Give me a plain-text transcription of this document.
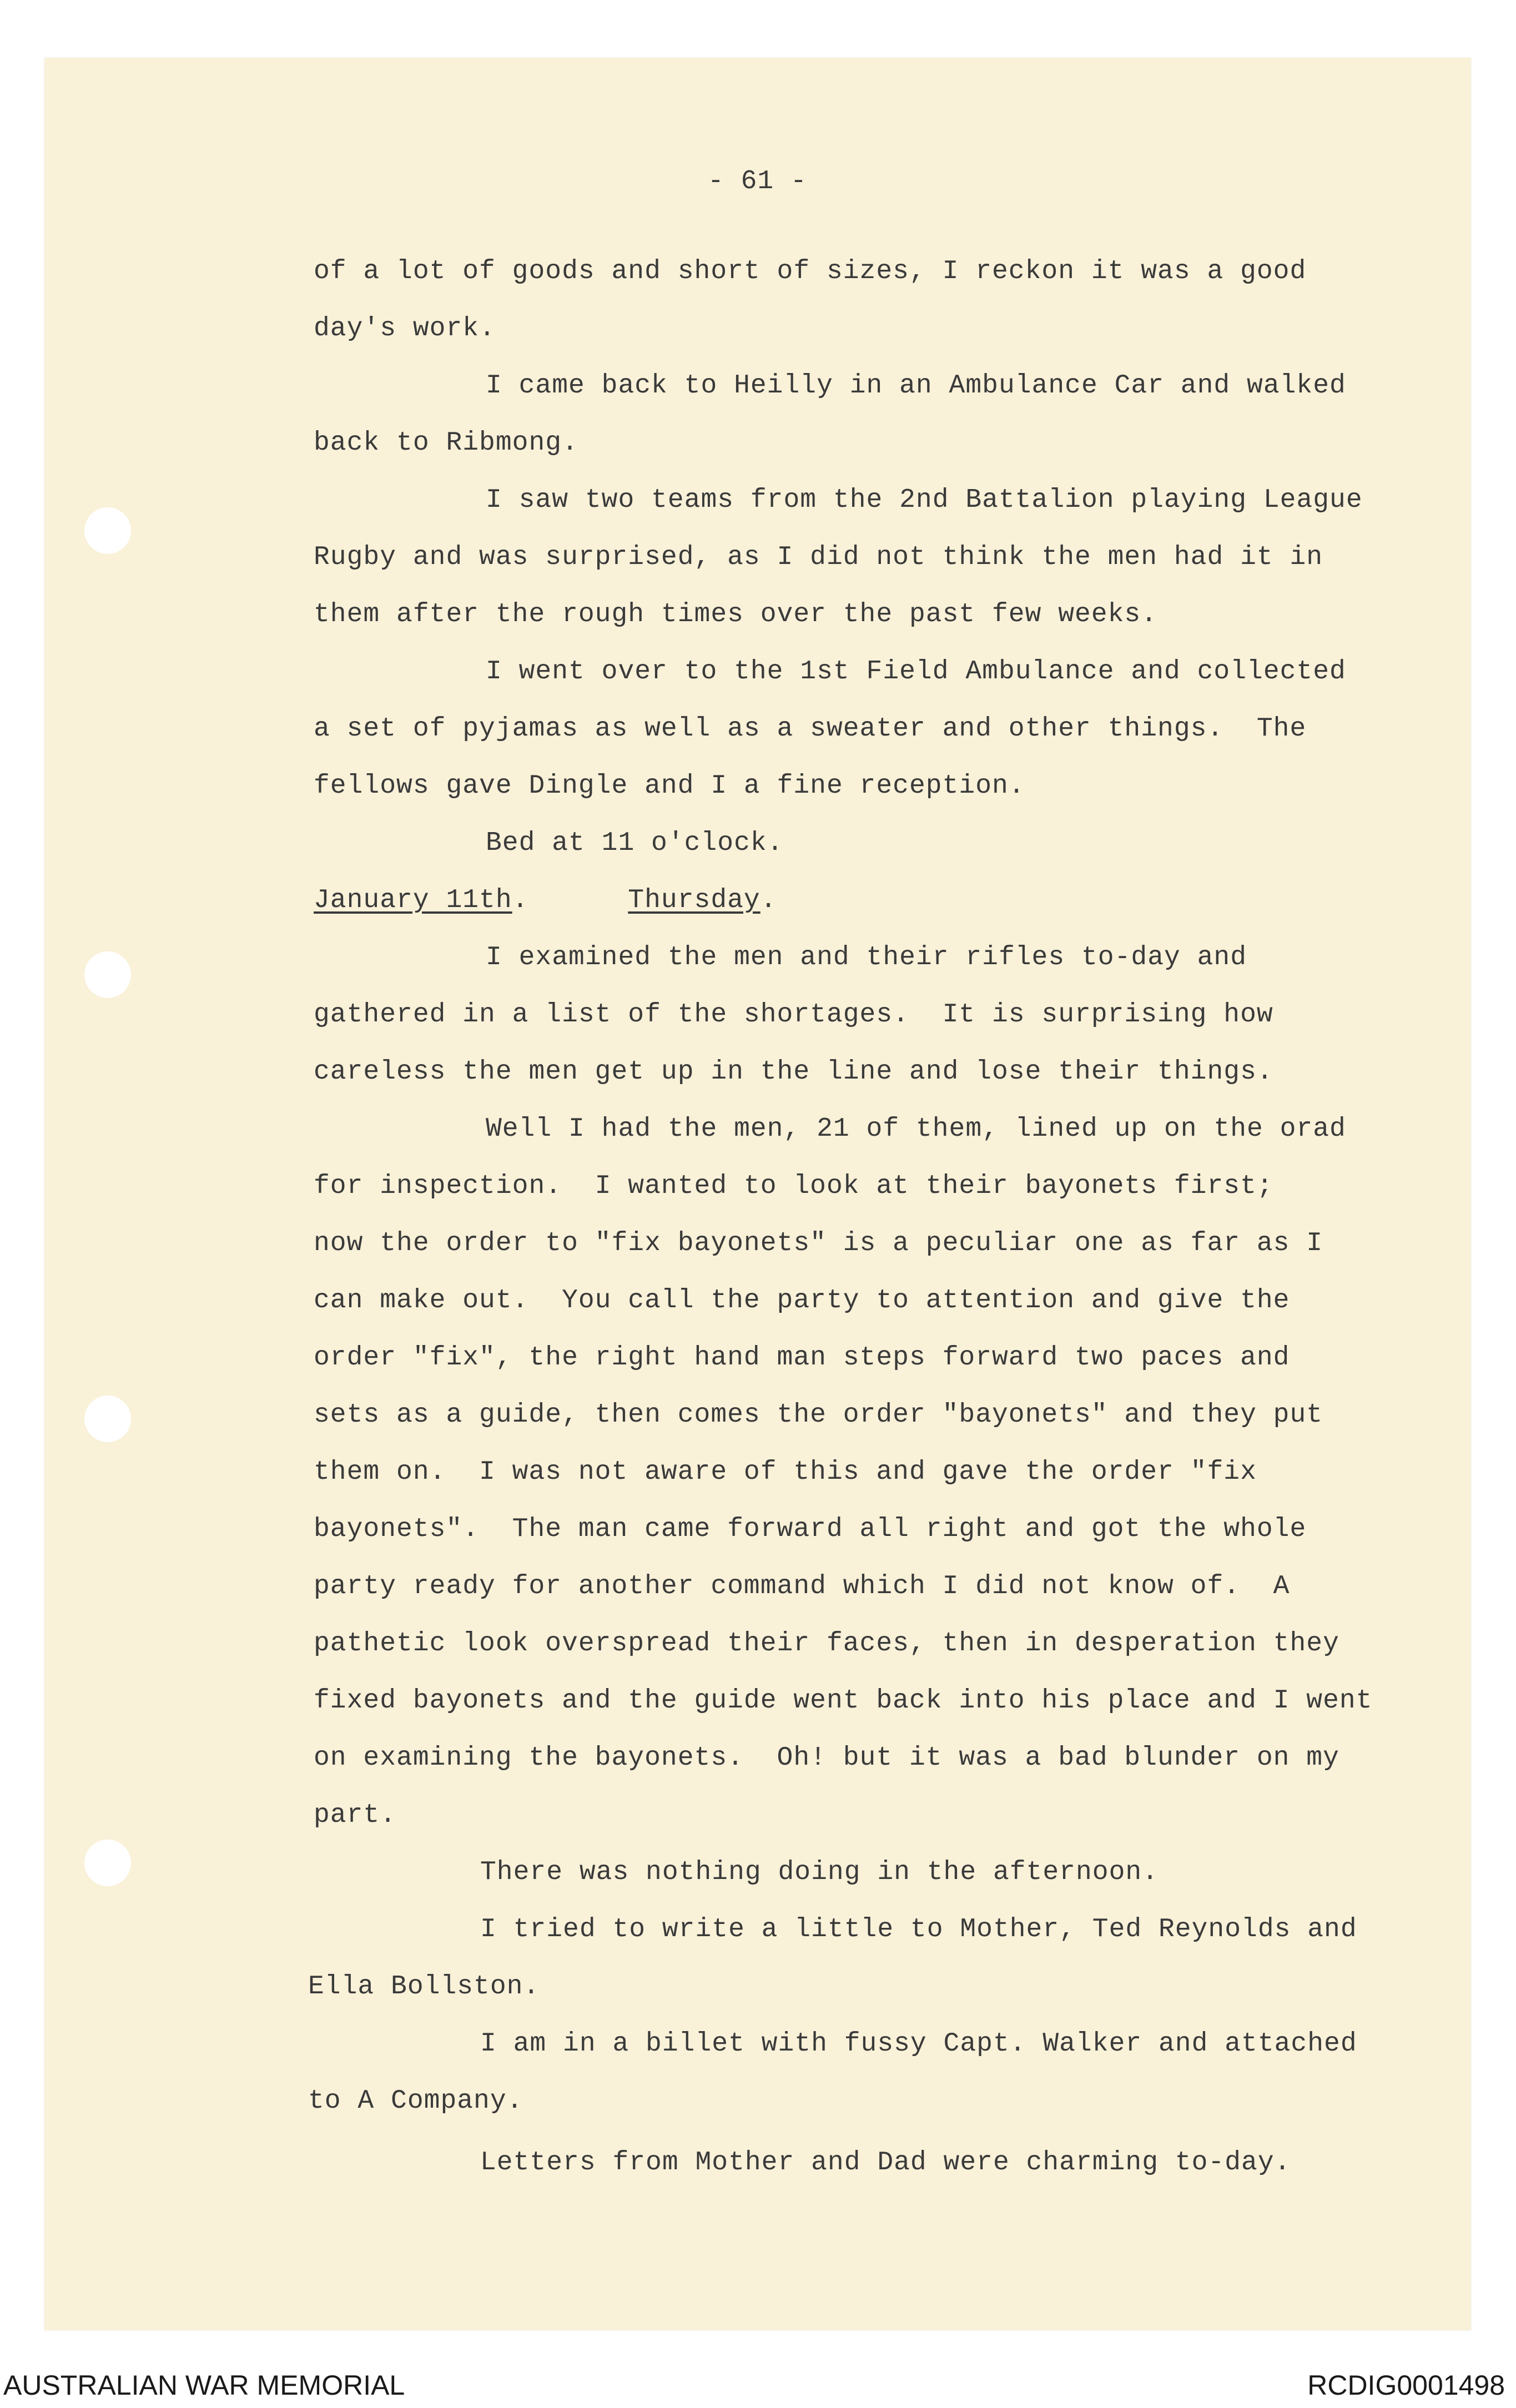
- 61 -
of a lot of goods and short of sizes, I reckon it was a good
day's work.
I came back to Heilly in an Ambulance Car and walked
back to Ribmong.
I saw two teams from the 2nd Battalion playing League
Rugby and was surprised, as I did not think the men had it in
them after the rough times over the past few weeks.
I went over to the 1st Field Ambulance and collected
a set of pyjamas as well as a sweater and other things.  The
fellows gave Dingle and I a fine reception.
Bed at 11 o'clock.
January 11th.      Thursday.
I examined the men and their rifles to-day and
gathered in a list of the shortages.  It is surprising how
careless the men get up in the line and lose their things.
Well I had the men, 21 of them, lined up on the orad
for inspection.  I wanted to look at their bayonets first;
now the order to "fix bayonets" is a peculiar one as far as I
can make out.  You call the party to attention and give the
order "fix", the right hand man steps forward two paces and
sets as a guide, then comes the order "bayonets" and they put
them on.  I was not aware of this and gave the order "fix
bayonets".  The man came forward all right and got the whole
party ready for another command which I did not know of.  A
pathetic look overspread their faces, then in desperation they
fixed bayonets and the guide went back into his place and I went
on examining the bayonets.  Oh! but it was a bad blunder on my
part.
There was nothing doing in the afternoon.
I tried to write a little to Mother, Ted Reynolds and
Ella Bollston.
I am in a billet with fussy Capt. Walker and attached
to A Company.
Letters from Mother and Dad were charming to-day.
AUSTRALIAN WAR MEMORIAL	RCDIG0001498
